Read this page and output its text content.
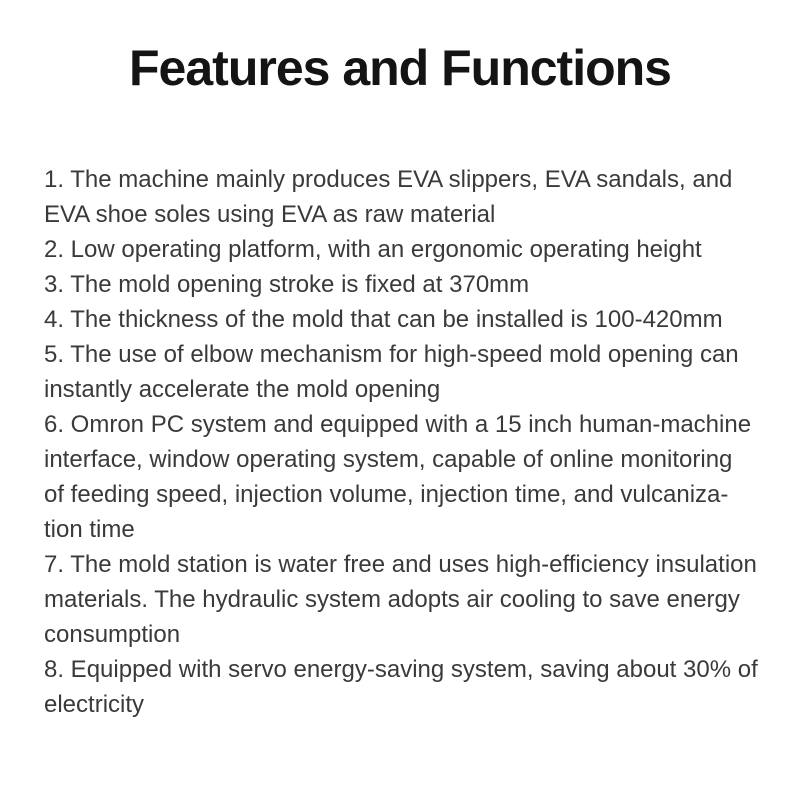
Features and Functions
1. The machine mainly produces EVA slippers, EVA sandals, and
EVA shoe soles using EVA as raw material
2. Low operating platform, with an ergonomic operating height
3. The mold opening stroke is fixed at 370mm
4. The thickness of the mold that can be installed is 100-420mm
5. The use of elbow mechanism for high-speed mold opening can
instantly accelerate the mold opening
6. Omron PC system and equipped with a 15 inch human-machine
interface, window operating system, capable of online monitoring
of feeding speed, injection volume, injection time, and vulcaniza-
tion time
7. The mold station is water free and uses high-efficiency insulation
materials. The hydraulic system adopts air cooling to save energy
consumption
8. Equipped with servo energy-saving system, saving about 30% of
electricity
